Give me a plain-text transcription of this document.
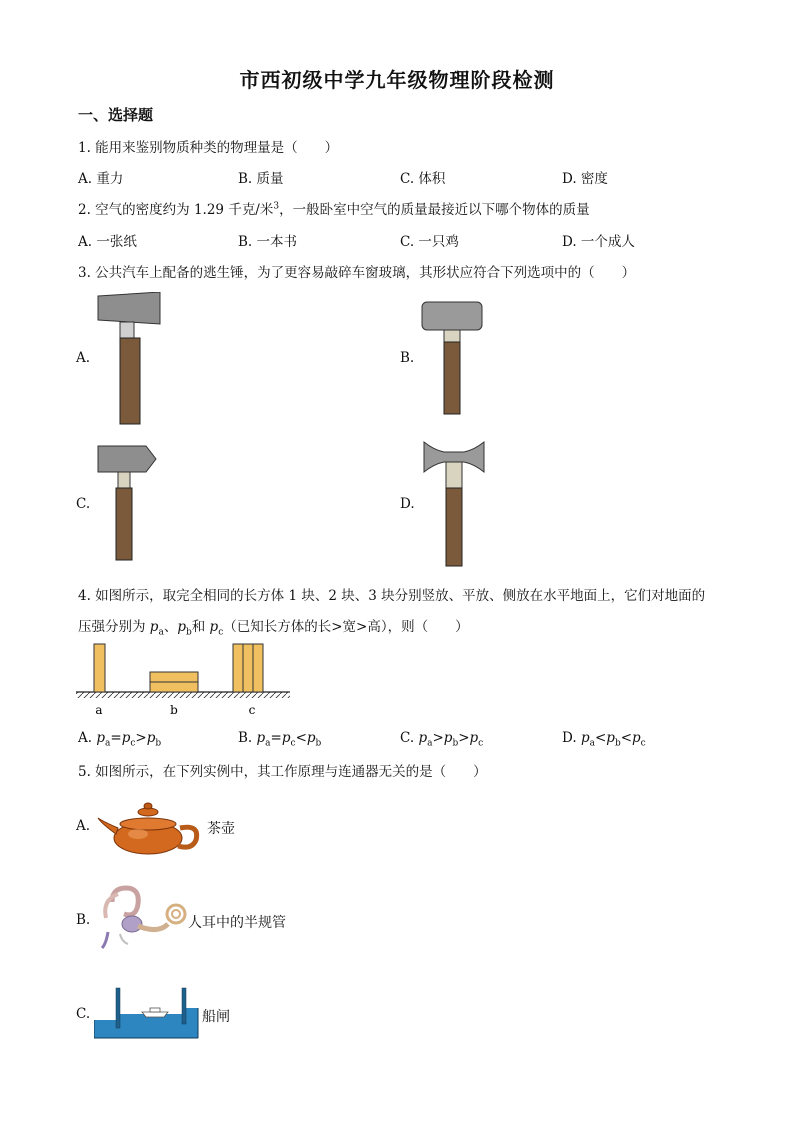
市西初级中学九年级物理阶段检测
一、选择题
1. 能用来鉴别物质种类的物理量是（　　）
A. 重力	B. 质量	C. 体积	D. 密度
2. 空气的密度约为 1.29 千克/米$^3$，一般卧室中空气的质量最接近以下哪个物体的质量
A. 一张纸	B. 一本书	C. 一只鸡	D. 一个成人
3. 公共汽车上配备的逃生锤，为了更容易敲碎车窗玻璃，其形状应符合下列选项中的（　　）
A.	B.
C.	D.
4. 如图所示，取完全相同的长方体 1 块、2 块、3 块分别竖放、平放、侧放在水平地面上，它们对地面的
压强分别为 $p_a$、$p_b$和 $p_c$（已知长方体的长>宽>高），则（　　）
a	b	c
A. $p_a=p_c>p_b$	B. $p_a=p_c<p_b$	C. $p_a>p_b>p_c$	D. $p_a<p_b<p_c$
5. 如图所示，在下列实例中，其工作原理与连通器无关的是（　　）
A.	茶壶
B.	人耳中的半规管
C.	船闸
